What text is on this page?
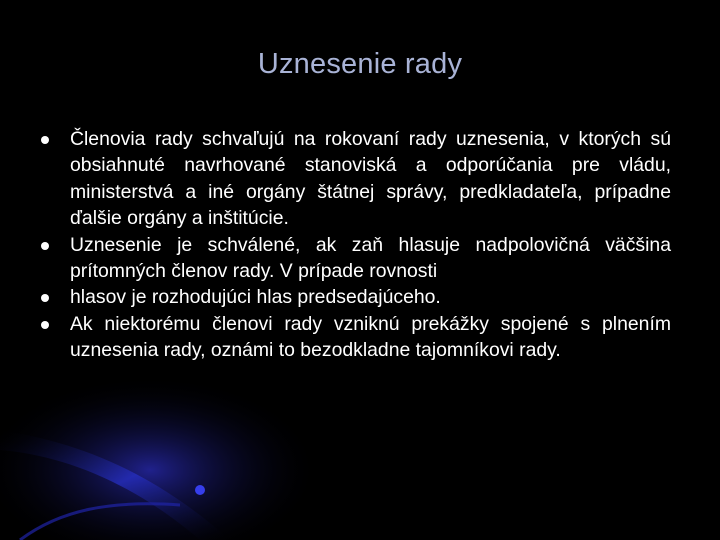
Uznesenie rady
Členovia rady schvaľujú na rokovaní rady uznesenia, v ktorých sú obsiahnuté navrhované stanoviská a odporúčania pre vládu, ministerstvá a iné orgány štátnej správy, predkladateľa, prípadne ďalšie orgány a inštitúcie.
Uznesenie je schválené, ak zaň hlasuje nadpolovičná väčšina prítomných členov rady. V prípade rovnosti
hlasov je rozhodujúci hlas predsedajúceho.
Ak niektorému členovi rady vzniknú prekážky spojené s plnením uznesenia rady, oznámi to bezodkladne tajomníkovi rady.
